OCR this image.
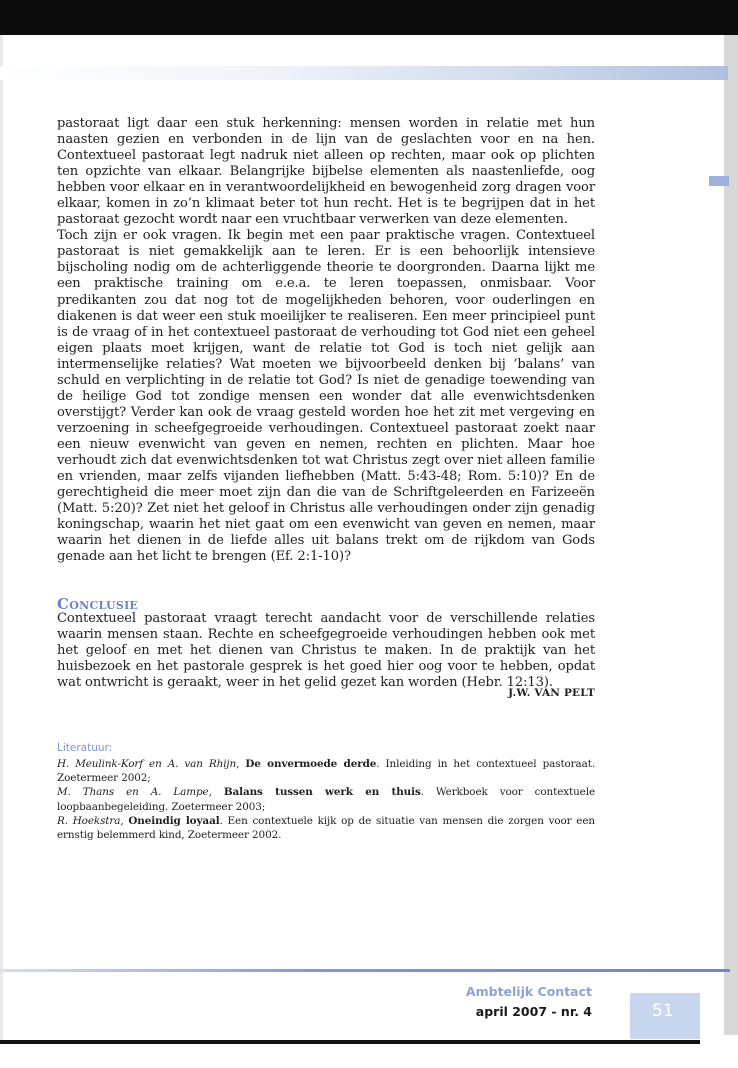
pastoraat ligt daar een stuk herkenning: mensen worden in relatie met hun naasten gezien en verbonden in de lijn van de geslachten voor en na hen. Contextueel pastoraat legt nadruk niet alleen op rechten, maar ook op plichten ten opzichte van elkaar. Belangrijke bijbelse elementen als naastenliefde, oog hebben voor elkaar en in verantwoordelijkheid en bewogenheid zorg dragen voor elkaar, komen in zo’n klimaat beter tot hun recht. Het is te begrijpen dat in het pastoraat gezocht wordt naar een vruchtbaar verwerken van deze elementen.

Toch zijn er ook vragen. Ik begin met een paar praktische vragen. Contextueel pastoraat is niet gemakkelijk aan te leren. Er is een behoorlijk intensieve bijscholing nodig om de achterliggende theorie te doorgronden. Daarna lijkt me een praktische training om e.e.a. te leren toepassen, onmisbaar. Voor predikanten zou dat nog tot de mogelijkheden behoren, voor ouderlingen en diakenen is dat weer een stuk moeilijker te realiseren. Een meer principieel punt is de vraag of in het contextueel pastoraat de verhouding tot God niet een geheel eigen plaats moet krijgen, want de relatie tot God is toch niet gelijk aan intermenselijke relaties? Wat moeten we bijvoorbeeld denken bij ‘balans’ van schuld en verplichting in de relatie tot God? Is niet de genadige toewending van de heilige God tot zondige mensen een wonder dat alle evenwichtsdenken overstijgt? Verder kan ook de vraag gesteld worden hoe het zit met vergeving en verzoening in scheefgegroeide verhoudingen. Contextueel pastoraat zoekt naar een nieuw evenwicht van geven en nemen, rechten en plichten. Maar hoe verhoudt zich dat evenwichtsdenken tot wat Christus zegt over niet alleen familie en vrienden, maar zelfs vijanden liefhebben (Matt. 5:43-48; Rom. 5:10)? En de gerechtigheid die meer moet zijn dan die van de Schriftgeleerden en Farizeeën (Matt. 5:20)? Zet niet het geloof in Christus alle verhoudingen onder zijn genadig koningschap, waarin het niet gaat om een evenwicht van geven en nemen, maar waarin het dienen in de liefde alles uit balans trekt om de rijkdom van Gods genade aan het licht te brengen (Ef. 2:1-10)?

Conclusie
Contextueel pastoraat vraagt terecht aandacht voor de verschillende relaties waarin mensen staan. Rechte en scheefgegroeide verhoudingen hebben ook met het geloof en met het dienen van Christus te maken. In de praktijk van het huisbezoek en het pastorale gesprek is het goed hier oog voor te hebben, opdat wat ontwricht is geraakt, weer in het gelid gezet kan worden (Hebr. 12:13).
J.W. VAN PELT
Literatuur:

H. Meulink-Korf en A. van Rhijn, De onvermoede derde. Inleiding in het contextueel pastoraat. Zoetermeer 2002;

M. Thans en A. Lampe, Balans tussen werk en thuis. Werkboek voor contextuele loopbaanbegeleiding. Zoetermeer 2003;

R. Hoekstra, Oneindig loyaal. Een contextuele kijk op de situatie van mensen die zorgen voor een ernstig belemmerd kind, Zoetermeer 2002.

Ambtelijk Contact
april 2007 - nr. 4	51
